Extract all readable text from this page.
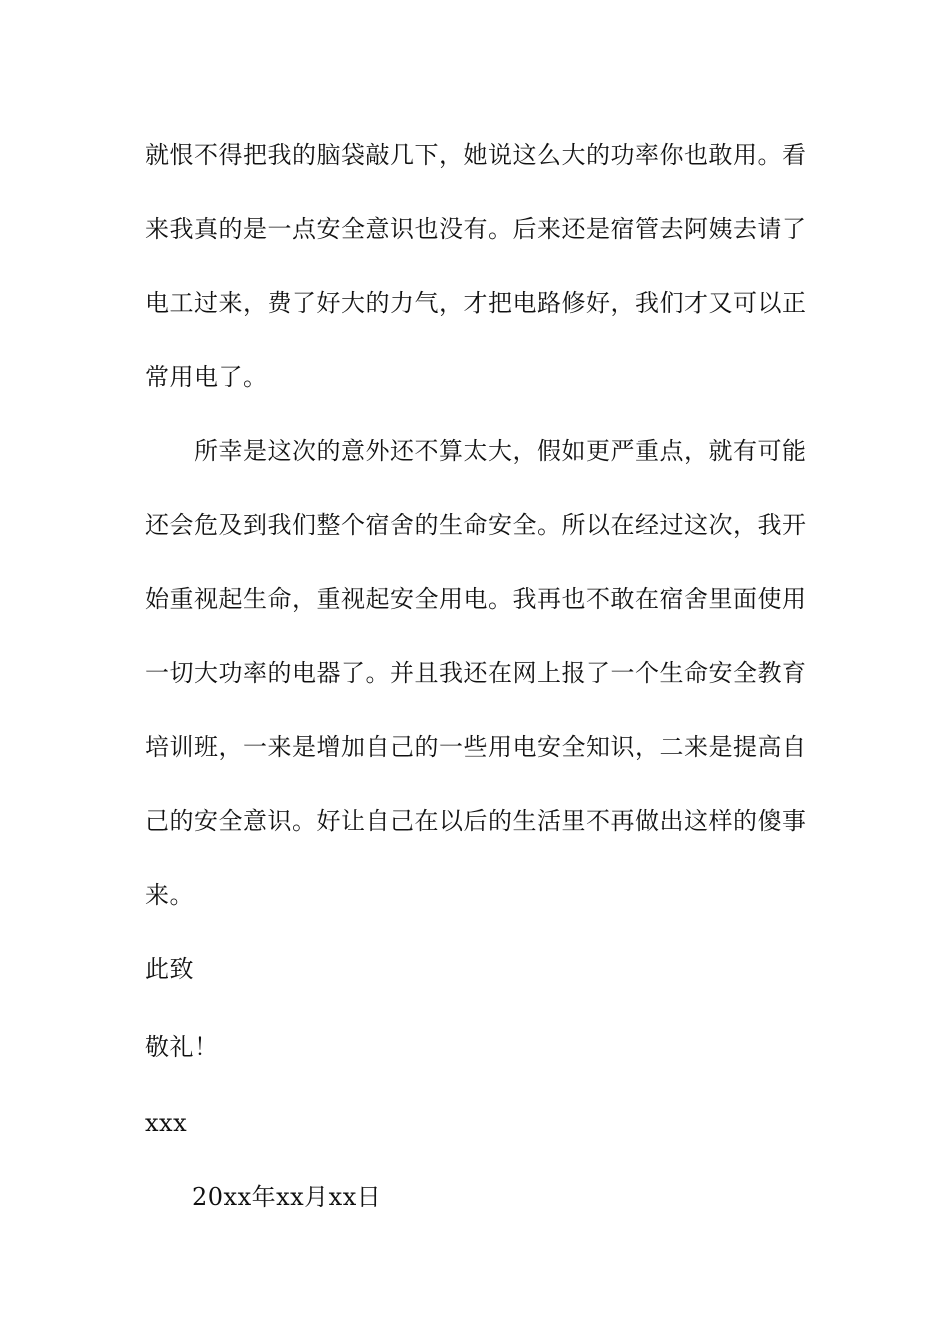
就恨不得把我的脑袋敲几下，她说这么大的功率你也敢用。看
来我真的是一点安全意识也没有。后来还是宿管去阿姨去请了
电工过来，费了好大的力气，才把电路修好，我们才又可以正
常用电了。
　　所幸是这次的意外还不算太大，假如更严重点，就有可能
还会危及到我们整个宿舍的生命安全。所以在经过这次，我开
始重视起生命，重视起安全用电。我再也不敢在宿舍里面使用
一切大功率的电器了。并且我还在网上报了一个生命安全教育
培训班，一来是增加自己的一些用电安全知识，二来是提高自
己的安全意识。好让自己在以后的生活里不再做出这样的傻事
来。
此致
敬礼！
xxx
20xx年xx月xx日
